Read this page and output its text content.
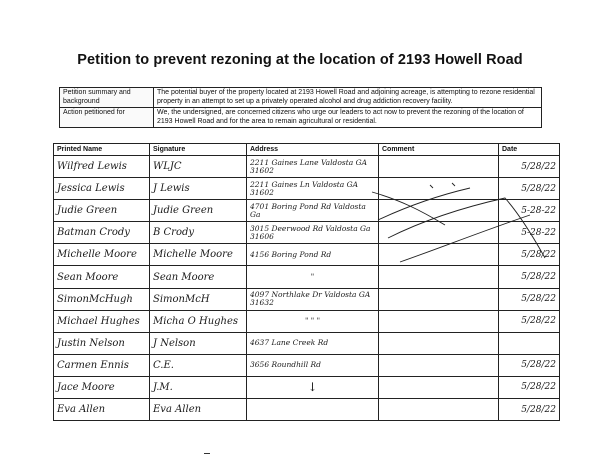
Petition to prevent rezoning at the location of 2193 Howell Road
Petition summary and background	The potential buyer of the property located at 2193 Howell Road and adjoining acreage, is attempting to rezone residential property in an attempt to set up a privately operated alcohol and drug addiction recovery facility.
Action petitioned for	We, the undersigned, are concerned citizens who urge our leaders to act now to prevent the rezoning of the location of 2193 Howell Road and for the area to remain agricultural or residential.
Printed Name	Signature	Address	Comment	Date
Wilfred Lewis	WLJC	2211 Gaines Lane Valdosta GA 31602		5/28/22
Jessica Lewis	J Lewis	2211 Gaines Ln Valdosta GA 31602		5/28/22
Judie Green	Judie Green	4701 Boring Pond Rd Valdosta Ga		5-28-22
Batman Crody	B Crody	3015 Deerwood Rd Valdosta Ga 31606		5-28-22
Michelle Moore	Michelle Moore	4156 Boring Pond Rd		5/28/22
Sean Moore	Sean Moore	"		5/28/22
SimonMcHugh	SimonMcH	4097 Northlake Dr Valdosta GA 31632		5/28/22
Michael Hughes	Micha O Hughes	" " "		5/28/22
Justin Nelson	J Nelson	4637 Lane Creek Rd		
Carmen Ennis	C.E.	3656 Roundhill Rd		5/28/22
Jace Moore	J.M.	↓		5/28/22
Eva Allen	Eva Allen			5/28/22
